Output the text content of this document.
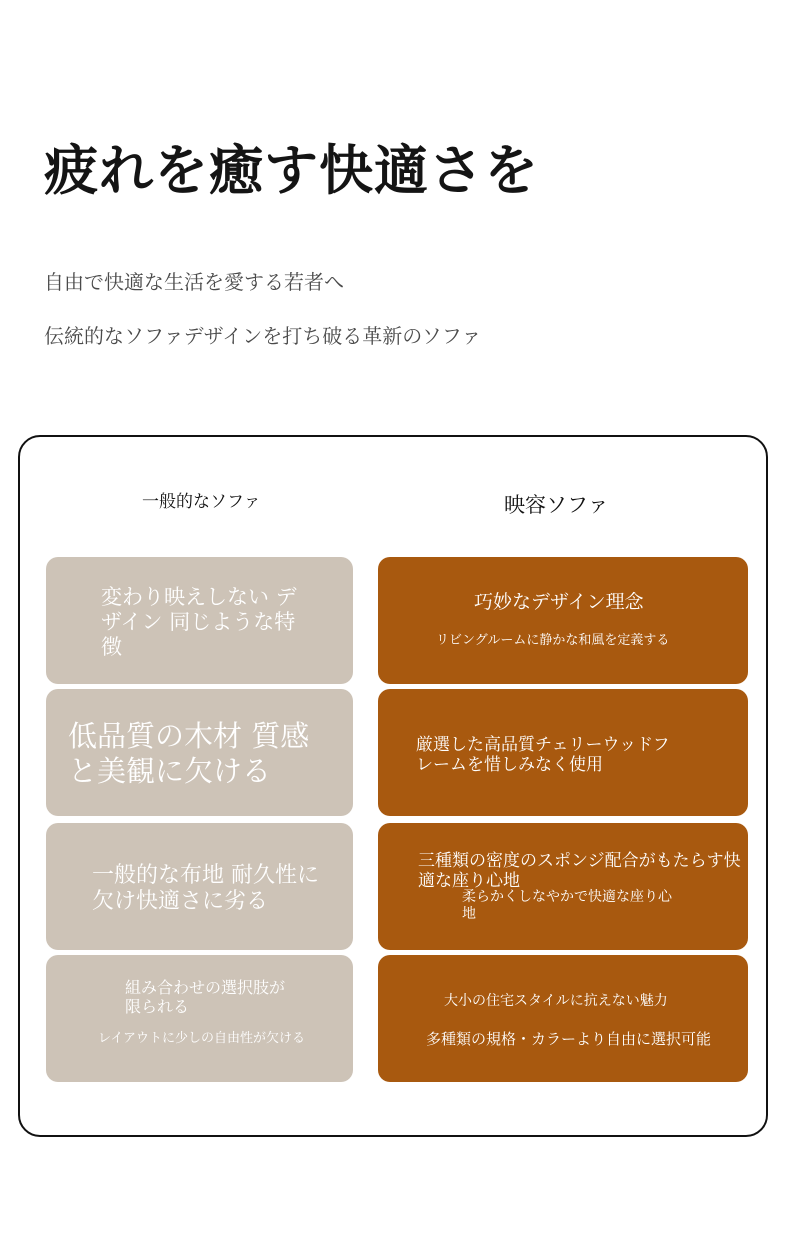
疲れを癒す快適さを
自由で快適な生活を愛する若者へ
伝統的なソファデザインを打ち破る革新のソファ
一般的なソファ	映容ソファ
変わり映えしない デザイン 同じような特徴
低品質の木材 質感と美観に欠ける
一般的な布地 耐久性に欠け快適さに劣る
組み合わせの選択肢が限られる
レイアウトに少しの自由性が欠ける
巧妙なデザイン理念
リビングルームに静かな和風を定義する
厳選した高品質チェリーウッドフレームを惜しみなく使用
三種類の密度のスポンジ配合がもたらす快適な座り心地
柔らかくしなやかで快適な座り心地
大小の住宅スタイルに抗えない魅力
多種類の規格・カラーより自由に選択可能
